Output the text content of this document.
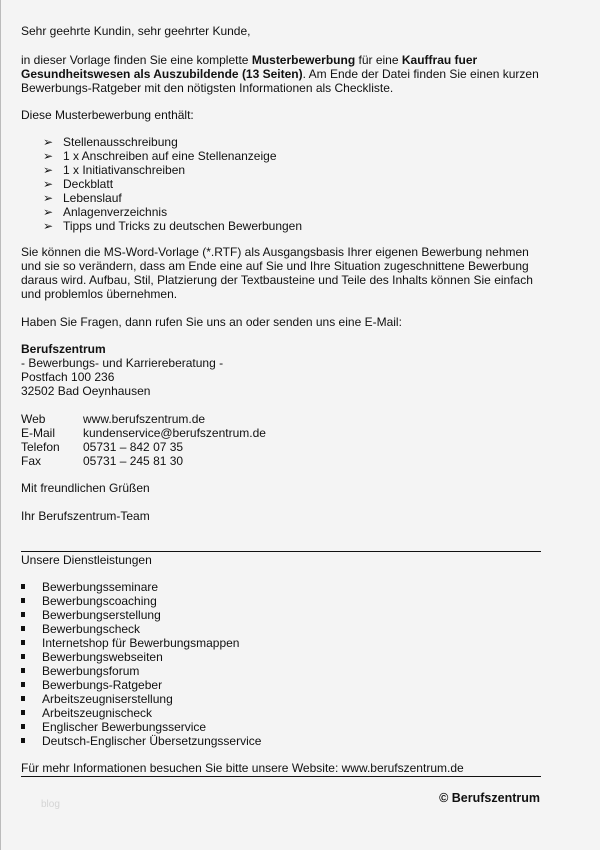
Sehr geehrte Kundin, sehr geehrter Kunde,
in dieser Vorlage finden Sie eine komplette Musterbewerbung für eine Kauffrau fuer Gesundheitswesen als Auszubildende (13 Seiten). Am Ende der Datei finden Sie einen kurzen Bewerbungs-Ratgeber mit den nötigsten Informationen als Checkliste.
Diese Musterbewerbung enthält:
➢ Stellenausschreibung
➢ 1 x Anschreiben auf eine Stellenanzeige
➢ 1 x Initiativanschreiben
➢ Deckblatt
➢ Lebenslauf
➢ Anlagenverzeichnis
➢ Tipps und Tricks zu deutschen Bewerbungen
Sie können die MS-Word-Vorlage (*.RTF) als Ausgangsbasis Ihrer eigenen Bewerbung nehmen und sie so verändern, dass am Ende eine auf Sie und Ihre Situation zugeschnittene Bewerbung daraus wird. Aufbau, Stil, Platzierung der Textbausteine und Teile des Inhalts können Sie einfach und problemlos übernehmen.
Haben Sie Fragen, dann rufen Sie uns an oder senden uns eine E-Mail:

Berufszentrum

- Bewerbungs- und Karriereberatung -

Postfach 100 236

32502 Bad Oeynhausen

Web	www.berufszentrum.de
E-Mail	kundenservice@berufszentrum.de
Telefon	05731 – 842 07 35
Fax	05731 – 245 81 30
Mit freundlichen Grüßen
Ihr Berufszentrum-Team
Unsere Dienstleistungen
Bewerbungsseminare
Bewerbungscoaching
Bewerbungserstellung
Bewerbungscheck
Internetshop für Bewerbungsmappen
Bewerbungswebseiten
Bewerbungsforum
Bewerbungs-Ratgeber
Arbeitszeugniserstellung
Arbeitszeugnischeck
Englischer Bewerbungsservice
Deutsch-Englischer Übersetzungsservice
Für mehr Informationen besuchen Sie bitte unsere Website: www.berufszentrum.de
© Berufszentrum
blog
